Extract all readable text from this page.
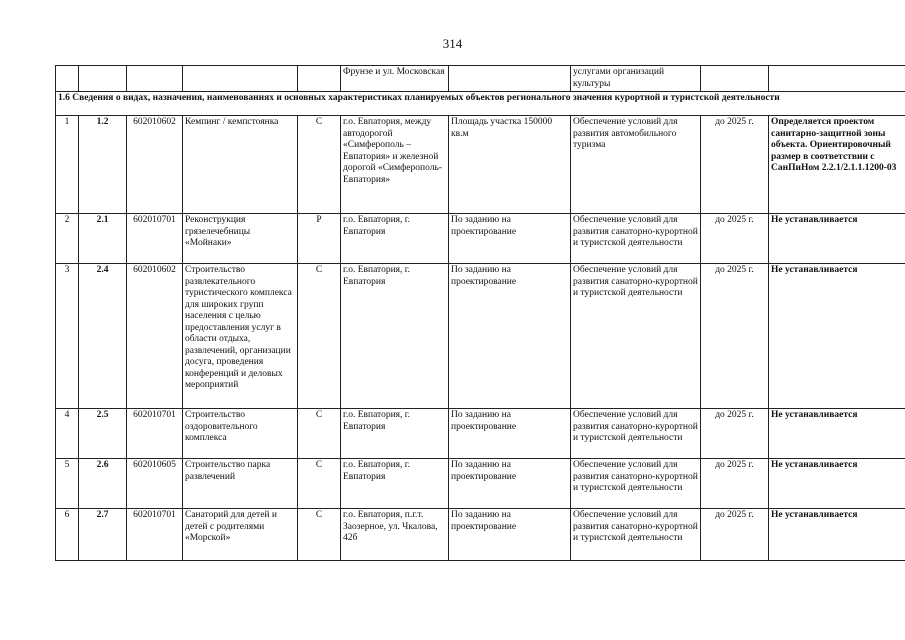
314
					Фрунзе и ул. Московская		услугами организаций культуры		
1.6 Сведения о видах, назначения, наименованиях и основных характеристиках планируемых объектов регионального значения курортной и туристской деятельности									
1	1.2	602010602	Кемпинг / кемпстоянка	С	г.о. Евпатория, между автодорогой «Симферополь – Евпатория» и железной дорогой «Симферополь-Евпатория»	Площадь участка 150000 кв.м	Обеспечение условий для развития автомобильного туризма	до 2025 г.	Определяется проектом санитарно-защитной зоны объекта. Ориентировочный размер в соответствии с СанПиНом 2.2.1/2.1.1.1200-03
2	2.1	602010701	Реконструкция грязелечебницы «Мойнаки»	Р	г.о. Евпатория, г. Евпатория	По заданию на проектирование	Обеспечение условий для развития санаторно-курортной и туристской деятельности	до 2025 г.	Не устанавливается
3	2.4	602010602	Строительство развлекательного туристического комплекса для широких групп населения с целью предоставления услуг в области отдыха, развлечений, организации досуга, проведения конференций и деловых мероприятий	С	г.о. Евпатория, г. Евпатория	По заданию на проектирование	Обеспечение условий для развития санаторно-курортной и туристской деятельности	до 2025 г.	Не устанавливается
4	2.5	602010701	Строительство оздоровительного комплекса	С	г.о. Евпатория, г. Евпатория	По заданию на проектирование	Обеспечение условий для развития санаторно-курортной и туристской деятельности	до 2025 г.	Не устанавливается
5	2.6	602010605	Строительство парка развлечений	С	г.о. Евпатория, г. Евпатория	По заданию на проектирование	Обеспечение условий для развития санаторно-курортной и туристской деятельности	до 2025 г.	Не устанавливается
6	2.7	602010701	Санаторий для детей и детей с родителями «Морской»	С	г.о. Евпатория, п.г.т. Заозерное, ул. Чкалова, 42б	По заданию на проектирование	Обеспечение условий для развития санаторно-курортной и туристской деятельности	до 2025 г.	Не устанавливается
